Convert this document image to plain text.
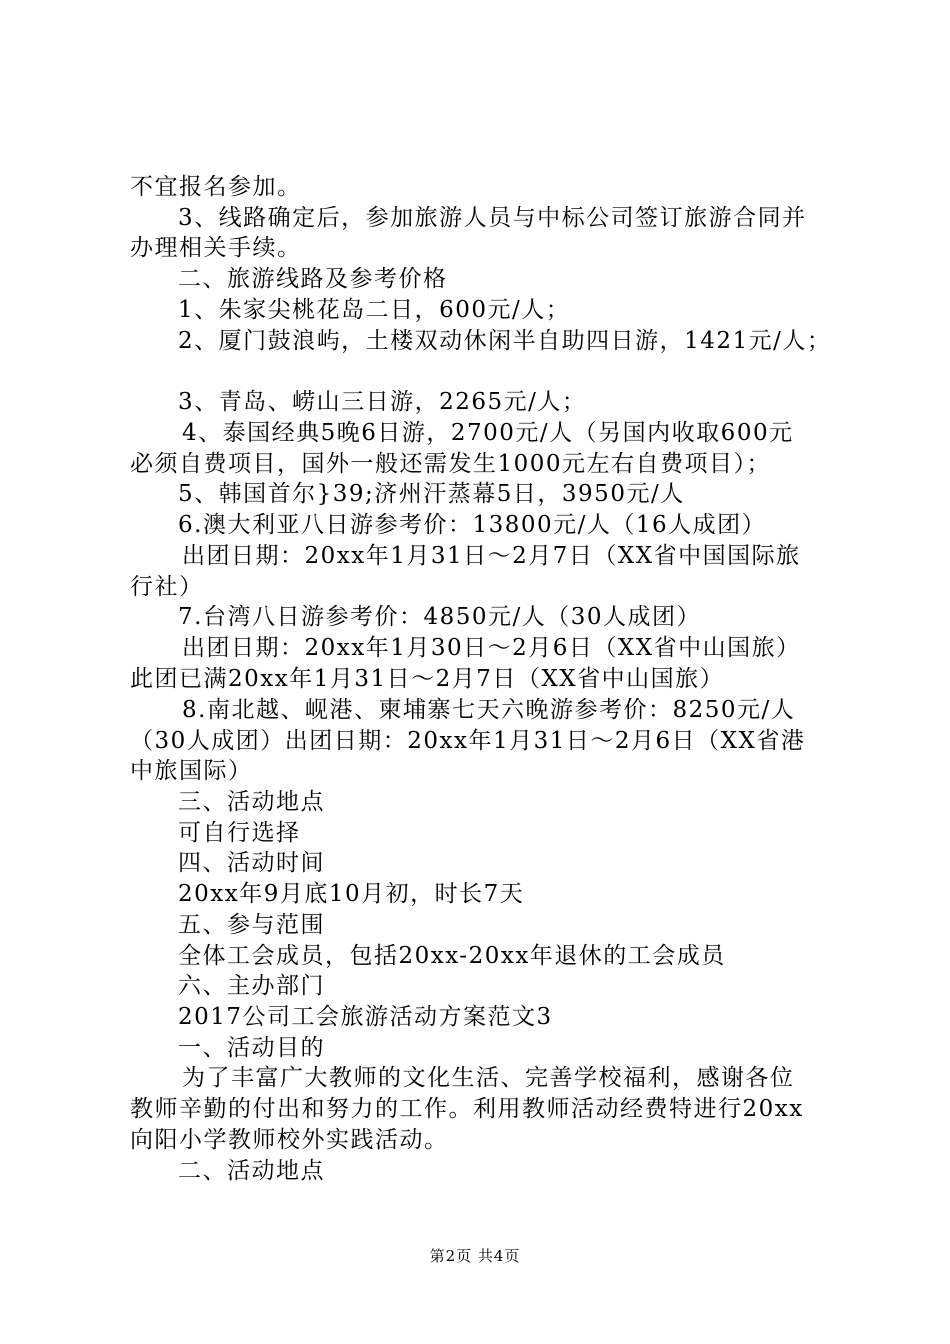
不宜报名参加。
3、线路确定后，参加旅游人员与中标公司签订旅游合同并
办理相关手续。
二、旅游线路及参考价格
1、朱家尖桃花岛二日，600元/人；
2、厦门鼓浪屿，土楼双动休闲半自助四日游，1421元/人；
3、青岛、崂山三日游，2265元/人；
4、泰国经典5晚6日游，2700元/人（另国内收取600元
必须自费项目，国外一般还需发生1000元左右自费项目）；
5、韩国首尔}39;济州汗蒸幕5日，3950元/人
6.澳大利亚八日游参考价：13800元/人（16人成团）
出团日期：20xx年1月31日～2月7日（XX省中国国际旅
行社）
7.台湾八日游参考价：4850元/人（30人成团）
出团日期：20xx年1月30日～2月6日（XX省中山国旅）
此团已满20xx年1月31日～2月7日（XX省中山国旅）
8.南北越、岘港、柬埔寨七天六晚游参考价：8250元/人
（30人成团）出团日期：20xx年1月31日～2月6日（XX省港
中旅国际）
三、活动地点
可自行选择
四、活动时间
20xx年9月底10月初，时长7天
五、参与范围
全体工会成员，包括20xx-20xx年退休的工会成员
六、主办部门
2017公司工会旅游活动方案范文3
一、活动目的
为了丰富广大教师的文化生活、完善学校福利，感谢各位
教师辛勤的付出和努力的工作。利用教师活动经费特进行20xx
向阳小学教师校外实践活动。
二、活动地点
第2页 共4页
